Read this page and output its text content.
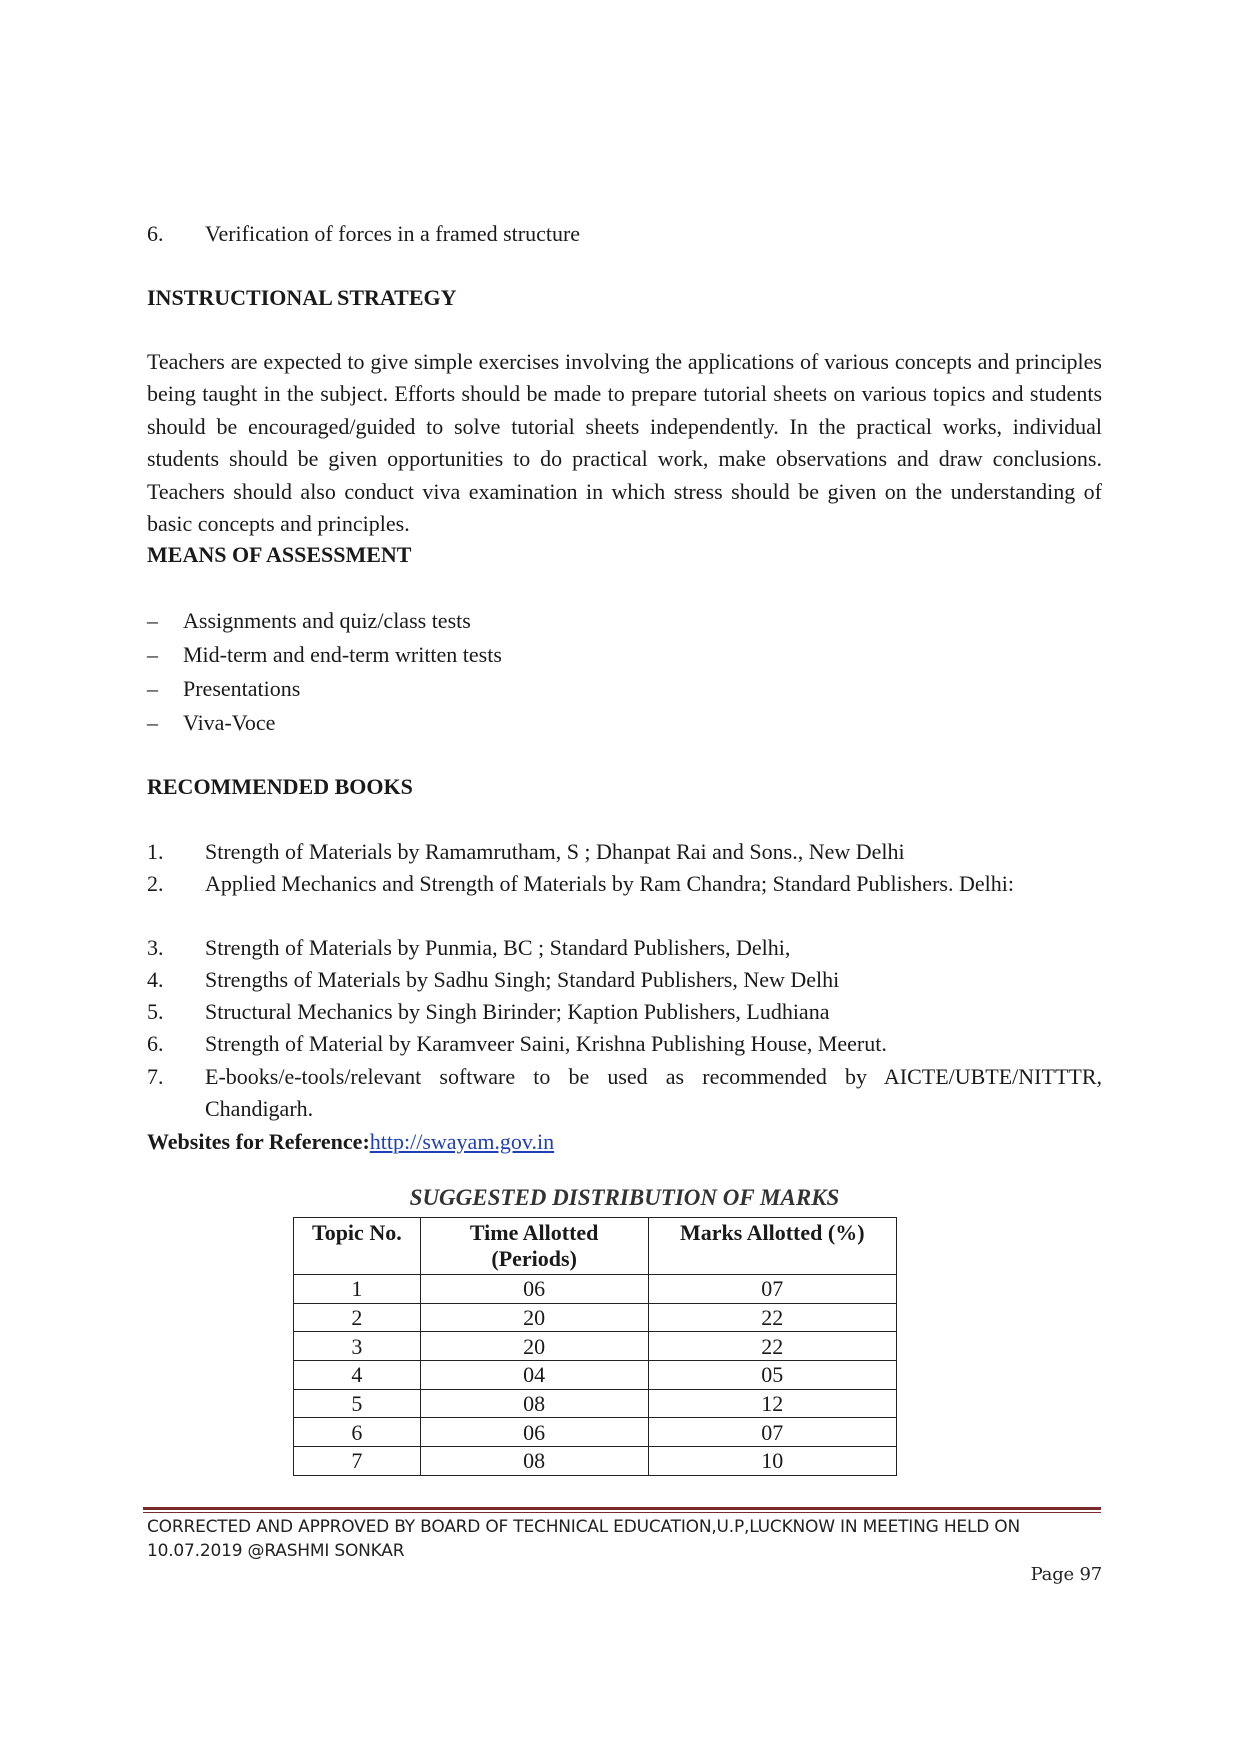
6. Verification of forces in a framed structure
INSTRUCTIONAL STRATEGY
Teachers are expected to give simple exercises involving the applications of various concepts and principles being taught in the subject. Efforts should be made to prepare tutorial sheets on various topics and students should be encouraged/guided to solve tutorial sheets independently. In the practical works, individual students should be given opportunities to do practical work, make observations and draw conclusions. Teachers should also conduct viva examination in which stress should be given on the understanding of basic concepts and principles.
MEANS OF ASSESSMENT
– Assignments and quiz/class tests
– Mid-term and end-term written tests
– Presentations
– Viva-Voce
RECOMMENDED BOOKS
1. Strength of Materials by Ramamrutham, S ; Dhanpat Rai and Sons., New Delhi
2. Applied Mechanics and Strength of Materials by Ram Chandra; Standard Publishers. Delhi:
3. Strength of Materials by Punmia, BC ; Standard Publishers, Delhi,
4. Strengths of Materials by Sadhu Singh; Standard Publishers, New Delhi
5. Structural Mechanics by Singh Birinder; Kaption Publishers, Ludhiana
6. Strength of Material by Karamveer Saini, Krishna Publishing House, Meerut.
7. E-books/e-tools/relevant software to be used as recommended by AICTE/UBTE/NITTTR, Chandigarh.
Websites for Reference:http://swayam.gov.in
SUGGESTED DISTRIBUTION OF MARKS
Topic No.	Time Allotted (Periods)	Marks Allotted (%)
1	06	07
2	20	22
3	20	22
4	04	05
5	08	12
6	06	07
7	08	10
CORRECTED AND APPROVED BY BOARD OF TECHNICAL EDUCATION,U.P,LUCKNOW IN MEETING HELD ON 10.07.2019 @RASHMI SONKAR
Page 97
